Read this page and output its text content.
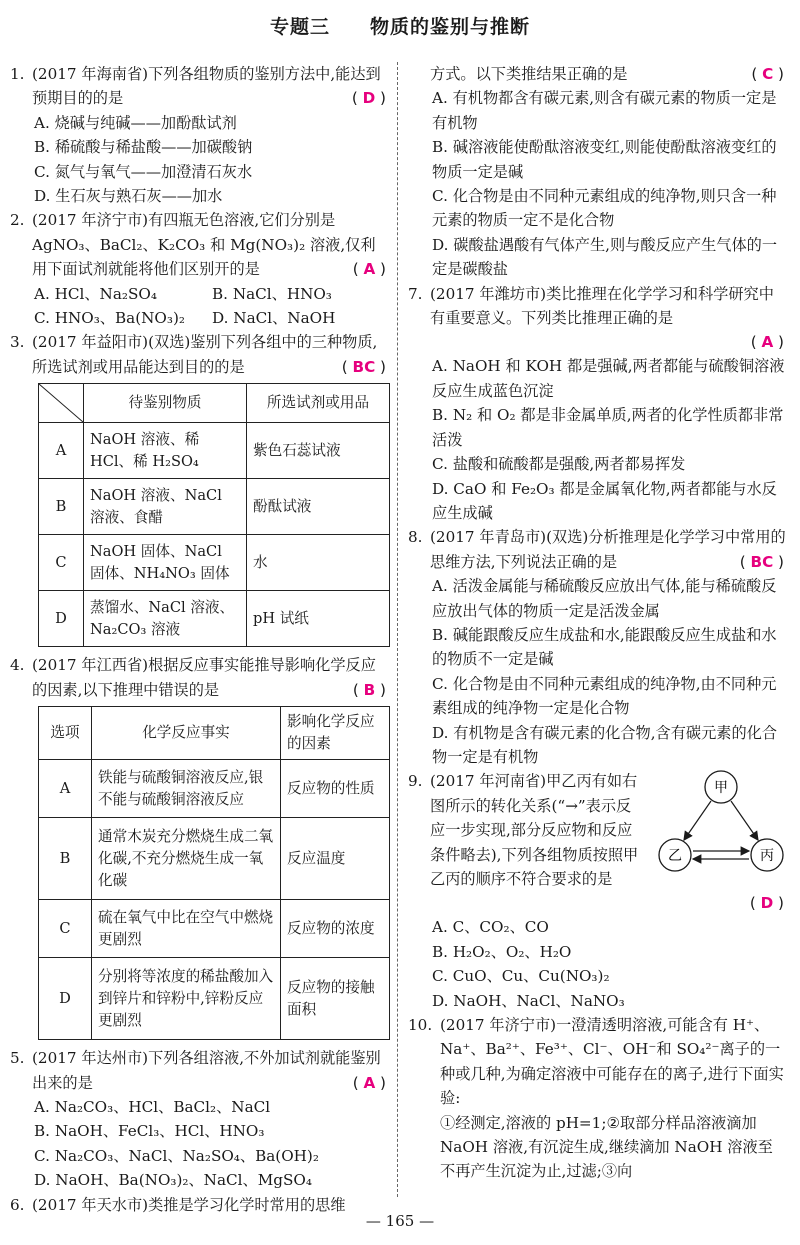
专题三 物质的鉴别与推断
1. (2017 年海南省)下列各组物质的鉴别方法中,能达到预期目的的是	( D )
A. 烧碱与纯碱——加酚酞试剂
B. 稀硫酸与稀盐酸——加碳酸钠
C. 氮气与氧气——加澄清石灰水
D. 生石灰与熟石灰——加水
2. (2017 年济宁市)有四瓶无色溶液,它们分别是 AgNO₃、BaCl₂、K₂CO₃ 和 Mg(NO₃)₂ 溶液,仅利用下面试剂就能将他们区别开的是	( A )
A. HCl、Na₂SO₄	B. NaCl、HNO₃
C. HNO₃、Ba(NO₃)₂	D. NaCl、NaOH
3. (2017 年益阳市)(双选)鉴别下列各组中的三种物质,所选试剂或用品能达到目的的是	( BC )
	待鉴别物质	所选试剂或用品
A	NaOH 溶液、稀 HCl、稀 H₂SO₄	紫色石蕊试液
B	NaOH 溶液、NaCl 溶液、食醋	酚酞试液
C	NaOH 固体、NaCl 固体、NH₄NO₃ 固体	水
D	蒸馏水、NaCl 溶液、Na₂CO₃ 溶液	pH 试纸
4. (2017 年江西省)根据反应事实能推导影响化学反应的因素,以下推理中错误的是	( B )
选项	化学反应事实	影响化学反应的因素
A	铁能与硫酸铜溶液反应,银不能与硫酸铜溶液反应	反应物的性质
B	通常木炭充分燃烧生成二氧化碳,不充分燃烧生成一氧化碳	反应温度
C	硫在氧气中比在空气中燃烧更剧烈	反应物的浓度
D	分别将等浓度的稀盐酸加入到锌片和锌粉中,锌粉反应更剧烈	反应物的接触面积
5. (2017 年达州市)下列各组溶液,不外加试剂就能鉴别出来的是	( A )
A. Na₂CO₃、HCl、BaCl₂、NaCl
B. NaOH、FeCl₃、HCl、HNO₃
C. Na₂CO₃、NaCl、Na₂SO₄、Ba(OH)₂
D. NaOH、Ba(NO₃)₂、NaCl、MgSO₄
6. (2017 年天水市)类推是学习化学时常用的思维
方式。以下类推结果正确的是	( C )
A. 有机物都含有碳元素,则含有碳元素的物质一定是有机物
B. 碱溶液能使酚酞溶液变红,则能使酚酞溶液变红的物质一定是碱
C. 化合物是由不同种元素组成的纯净物,则只含一种元素的物质一定不是化合物
D. 碳酸盐遇酸有气体产生,则与酸反应产生气体的一定是碳酸盐
7. (2017 年潍坊市)类比推理在化学学习和科学研究中有重要意义。下列类比推理正确的是
( A )
A. NaOH 和 KOH 都是强碱,两者都能与硫酸铜溶液反应生成蓝色沉淀
B. N₂ 和 O₂ 都是非金属单质,两者的化学性质都非常活泼
C. 盐酸和硫酸都是强酸,两者都易挥发
D. CaO 和 Fe₂O₃ 都是金属氧化物,两者都能与水反应生成碱
8. (2017 年青岛市)(双选)分析推理是化学学习中常用的思维方法,下列说法正确的是	( BC )
A. 活泼金属能与稀硫酸反应放出气体,能与稀硫酸反应放出气体的物质一定是活泼金属
B. 碱能跟酸反应生成盐和水,能跟酸反应生成盐和水的物质不一定是碱
C. 化合物是由不同种元素组成的纯净物,由不同种元素组成的纯净物一定是化合物
D. 有机物是含有碳元素的化合物,含有碳元素的化合物一定是有机物
9. (2017 年河南省)甲乙丙有如右图所示的转化关系(“→”表示反应一步实现,部分反应物和反应条件略去),下列各组物质按照甲乙丙的顺序不符合要求的是
( D )
甲
乙	丙
A. C、CO₂、CO
B. H₂O₂、O₂、H₂O
C. CuO、Cu、Cu(NO₃)₂
D. NaOH、NaCl、NaNO₃
10. (2017 年济宁市)一澄清透明溶液,可能含有 H⁺、Na⁺、Ba²⁺、Fe³⁺、Cl⁻、OH⁻和 SO₄²⁻离子的一种或几种,为确定溶液中可能存在的离子,进行下面实验:
①经测定,溶液的 pH=1;②取部分样品溶液滴加 NaOH 溶液,有沉淀生成,继续滴加 NaOH 溶液至不再产生沉淀为止,过滤;③向
— 165 —
